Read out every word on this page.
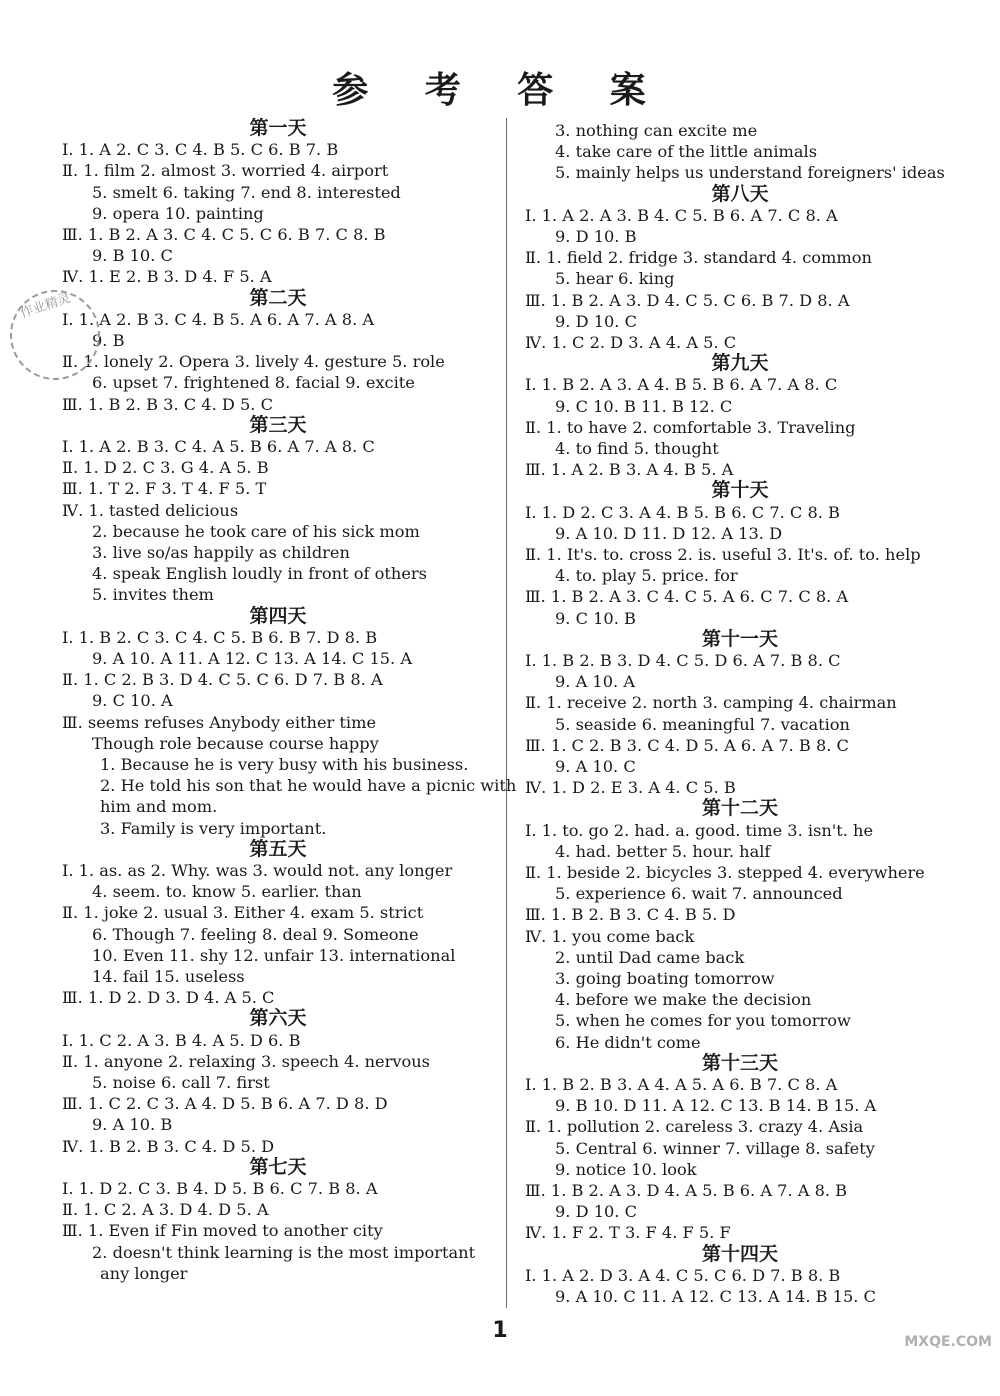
参 考 答 案
第一天
Ⅰ. 1. A 2. C 3. C 4. B 5. C 6. B 7. B
Ⅱ. 1. film 2. almost 3. worried 4. airport
5. smelt 6. taking 7. end 8. interested
9. opera 10. painting
Ⅲ. 1. B 2. A 3. C 4. C 5. C 6. B 7. C 8. B
9. B 10. C
Ⅳ. 1. E 2. B 3. D 4. F 5. A
第二天
Ⅰ. 1. A 2. B 3. C 4. B 5. A 6. A 7. A 8. A
9. B
Ⅱ. 1. lonely 2. Opera 3. lively 4. gesture 5. role
6. upset 7. frightened 8. facial 9. excite
Ⅲ. 1. B 2. B 3. C 4. D 5. C
第三天
Ⅰ. 1. A 2. B 3. C 4. A 5. B 6. A 7. A 8. C
Ⅱ. 1. D 2. C 3. G 4. A 5. B
Ⅲ. 1. T 2. F 3. T 4. F 5. T
Ⅳ. 1. tasted delicious
2. because he took care of his sick mom
3. live so/as happily as children
4. speak English loudly in front of others
5. invites them
第四天
Ⅰ. 1. B 2. C 3. C 4. C 5. B 6. B 7. D 8. B
9. A 10. A 11. A 12. C 13. A 14. C 15. A
Ⅱ. 1. C 2. B 3. D 4. C 5. C 6. D 7. B 8. A
9. C 10. A
Ⅲ. seems refuses Anybody either time
Though role because course happy
1. Because he is very busy with his business.
2. He told his son that he would have a picnic with
him and mom.
3. Family is very important.
第五天
Ⅰ. 1. as. as 2. Why. was 3. would not. any longer
4. seem. to. know 5. earlier. than
Ⅱ. 1. joke 2. usual 3. Either 4. exam 5. strict
6. Though 7. feeling 8. deal 9. Someone
10. Even 11. shy 12. unfair 13. international
14. fail 15. useless
Ⅲ. 1. D 2. D 3. D 4. A 5. C
第六天
Ⅰ. 1. C 2. A 3. B 4. A 5. D 6. B
Ⅱ. 1. anyone 2. relaxing 3. speech 4. nervous
5. noise 6. call 7. first
Ⅲ. 1. C 2. C 3. A 4. D 5. B 6. A 7. D 8. D
9. A 10. B
Ⅳ. 1. B 2. B 3. C 4. D 5. D
第七天
Ⅰ. 1. D 2. C 3. B 4. D 5. B 6. C 7. B 8. A
Ⅱ. 1. C 2. A 3. D 4. D 5. A
Ⅲ. 1. Even if Fin moved to another city
2. doesn't think learning is the most important
any longer
3. nothing can excite me
4. take care of the little animals
5. mainly helps us understand foreigners' ideas
第八天
Ⅰ. 1. A 2. A 3. B 4. C 5. B 6. A 7. C 8. A
9. D 10. B
Ⅱ. 1. field 2. fridge 3. standard 4. common
5. hear 6. king
Ⅲ. 1. B 2. A 3. D 4. C 5. C 6. B 7. D 8. A
9. D 10. C
Ⅳ. 1. C 2. D 3. A 4. A 5. C
第九天
Ⅰ. 1. B 2. A 3. A 4. B 5. B 6. A 7. A 8. C
9. C 10. B 11. B 12. C
Ⅱ. 1. to have 2. comfortable 3. Traveling
4. to find 5. thought
Ⅲ. 1. A 2. B 3. A 4. B 5. A
第十天
Ⅰ. 1. D 2. C 3. A 4. B 5. B 6. C 7. C 8. B
9. A 10. D 11. D 12. A 13. D
Ⅱ. 1. It's. to. cross 2. is. useful 3. It's. of. to. help
4. to. play 5. price. for
Ⅲ. 1. B 2. A 3. C 4. C 5. A 6. C 7. C 8. A
9. C 10. B
第十一天
Ⅰ. 1. B 2. B 3. D 4. C 5. D 6. A 7. B 8. C
9. A 10. A
Ⅱ. 1. receive 2. north 3. camping 4. chairman
5. seaside 6. meaningful 7. vacation
Ⅲ. 1. C 2. B 3. C 4. D 5. A 6. A 7. B 8. C
9. A 10. C
Ⅳ. 1. D 2. E 3. A 4. C 5. B
第十二天
Ⅰ. 1. to. go 2. had. a. good. time 3. isn't. he
4. had. better 5. hour. half
Ⅱ. 1. beside 2. bicycles 3. stepped 4. everywhere
5. experience 6. wait 7. announced
Ⅲ. 1. B 2. B 3. C 4. B 5. D
Ⅳ. 1. you come back
2. until Dad came back
3. going boating tomorrow
4. before we make the decision
5. when he comes for you tomorrow
6. He didn't come
第十三天
Ⅰ. 1. B 2. B 3. A 4. A 5. A 6. B 7. C 8. A
9. B 10. D 11. A 12. C 13. B 14. B 15. A
Ⅱ. 1. pollution 2. careless 3. crazy 4. Asia
5. Central 6. winner 7. village 8. safety
9. notice 10. look
Ⅲ. 1. B 2. A 3. D 4. A 5. B 6. A 7. A 8. B
9. D 10. C
Ⅳ. 1. F 2. T 3. F 4. F 5. F
第十四天
Ⅰ. 1. A 2. D 3. A 4. C 5. C 6. D 7. B 8. B
9. A 10. C 11. A 12. C 13. A 14. B 15. C
作业精灵
MXQE.COM
1
